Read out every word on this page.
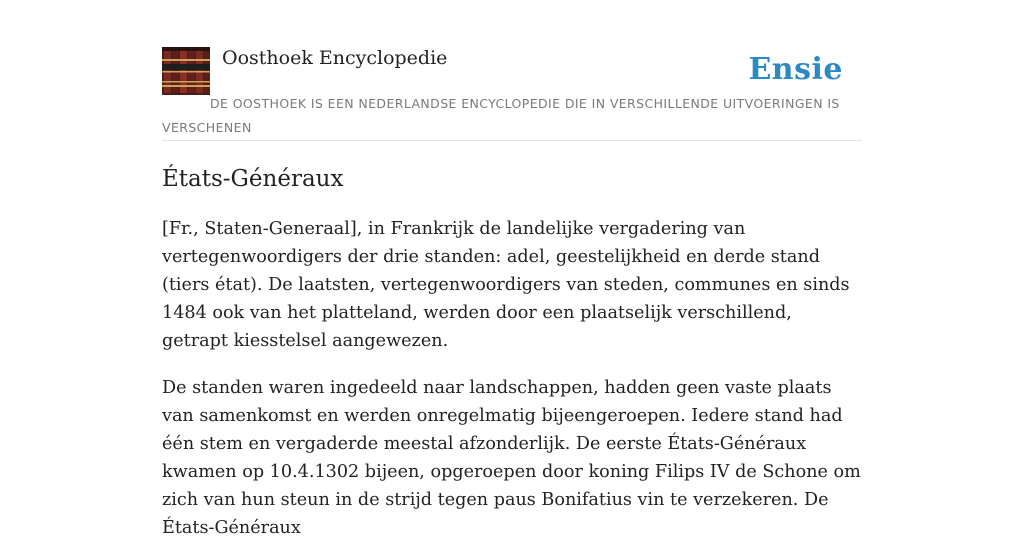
Oosthoek Encyclopedie	Ensie
DE OOSTHOEK IS EEN NEDERLANDSE ENCYCLOPEDIE DIE IN VERSCHILLENDE UITVOERINGEN IS VERSCHENEN
États-Généraux

[Fr., Staten-Generaal], in Frankrijk de landelijke vergadering van vertegenwoordigers der drie standen: adel, geestelijkheid en derde stand (tiers état). De laatsten, vertegenwoordigers van steden, communes en sinds 1484 ook van het platteland, werden door een plaatselijk verschillend, getrapt kiesstelsel aangewezen.

De standen waren ingedeeld naar landschappen, hadden geen vaste plaats van samenkomst en werden onregelmatig bijeengeroepen. Iedere stand had één stem en vergaderde meestal afzonderlijk. De eerste États-Généraux kwamen op 10.4.1302 bijeen, opgeroepen door koning Filips IV de Schone om zich van hun steun in de strijd tegen paus Bonifatius vin te verzekeren. De États-Généraux
